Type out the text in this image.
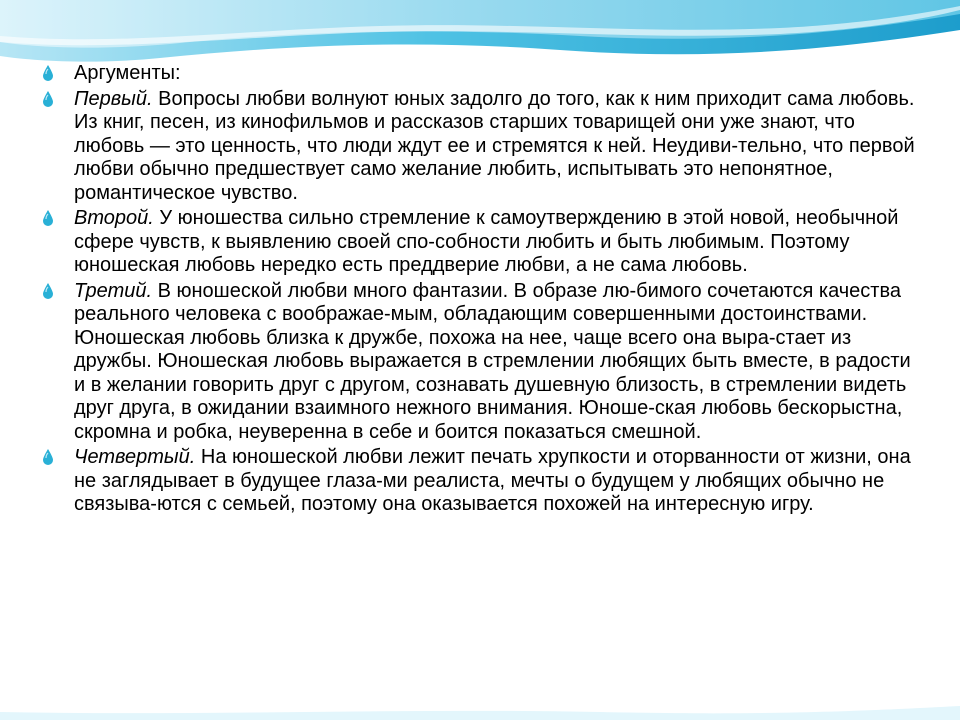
Аргументы:
Первый. Вопросы любви волнуют юных задолго до того, как к ним приходит сама любовь. Из книг, песен, из кинофильмов и рассказов старших товарищей они уже знают, что любовь — это ценность, что люди ждут ее и стремятся к ней. Неудиви-тельно, что первой любви обычно предшествует само желание любить, испытывать это непонятное, романтическое чувство.
Второй. У юношества сильно стремление к самоутверждению в этой новой, необычной сфере чувств, к выявлению своей спо-собности любить и быть любимым. Поэтому юношеская любовь нередко есть преддверие любви, а не сама любовь.
Третий. В юношеской любви много фантазии. В образе лю-бимого сочетаются качества реального человека с воображае-мым, обладающим совершенными достоинствами. Юношеская любовь близка к дружбе, похожа на нее, чаще всего она выра-стает из дружбы. Юношеская любовь выражается в стремлении любящих быть вместе, в радости и в желании говорить друг с другом, сознавать душевную близость, в стремлении видеть друг друга, в ожидании взаимного нежного внимания. Юноше-ская любовь бескорыстна, скромна и робка, неуверенна в себе и боится показаться смешной.
Четвертый. На юношеской любви лежит печать хрупкости и оторванности от жизни, она не заглядывает в будущее глаза-ми реалиста, мечты о будущем у любящих обычно не связыва-ются с семьей, поэтому она оказывается похожей на интересную игру.
